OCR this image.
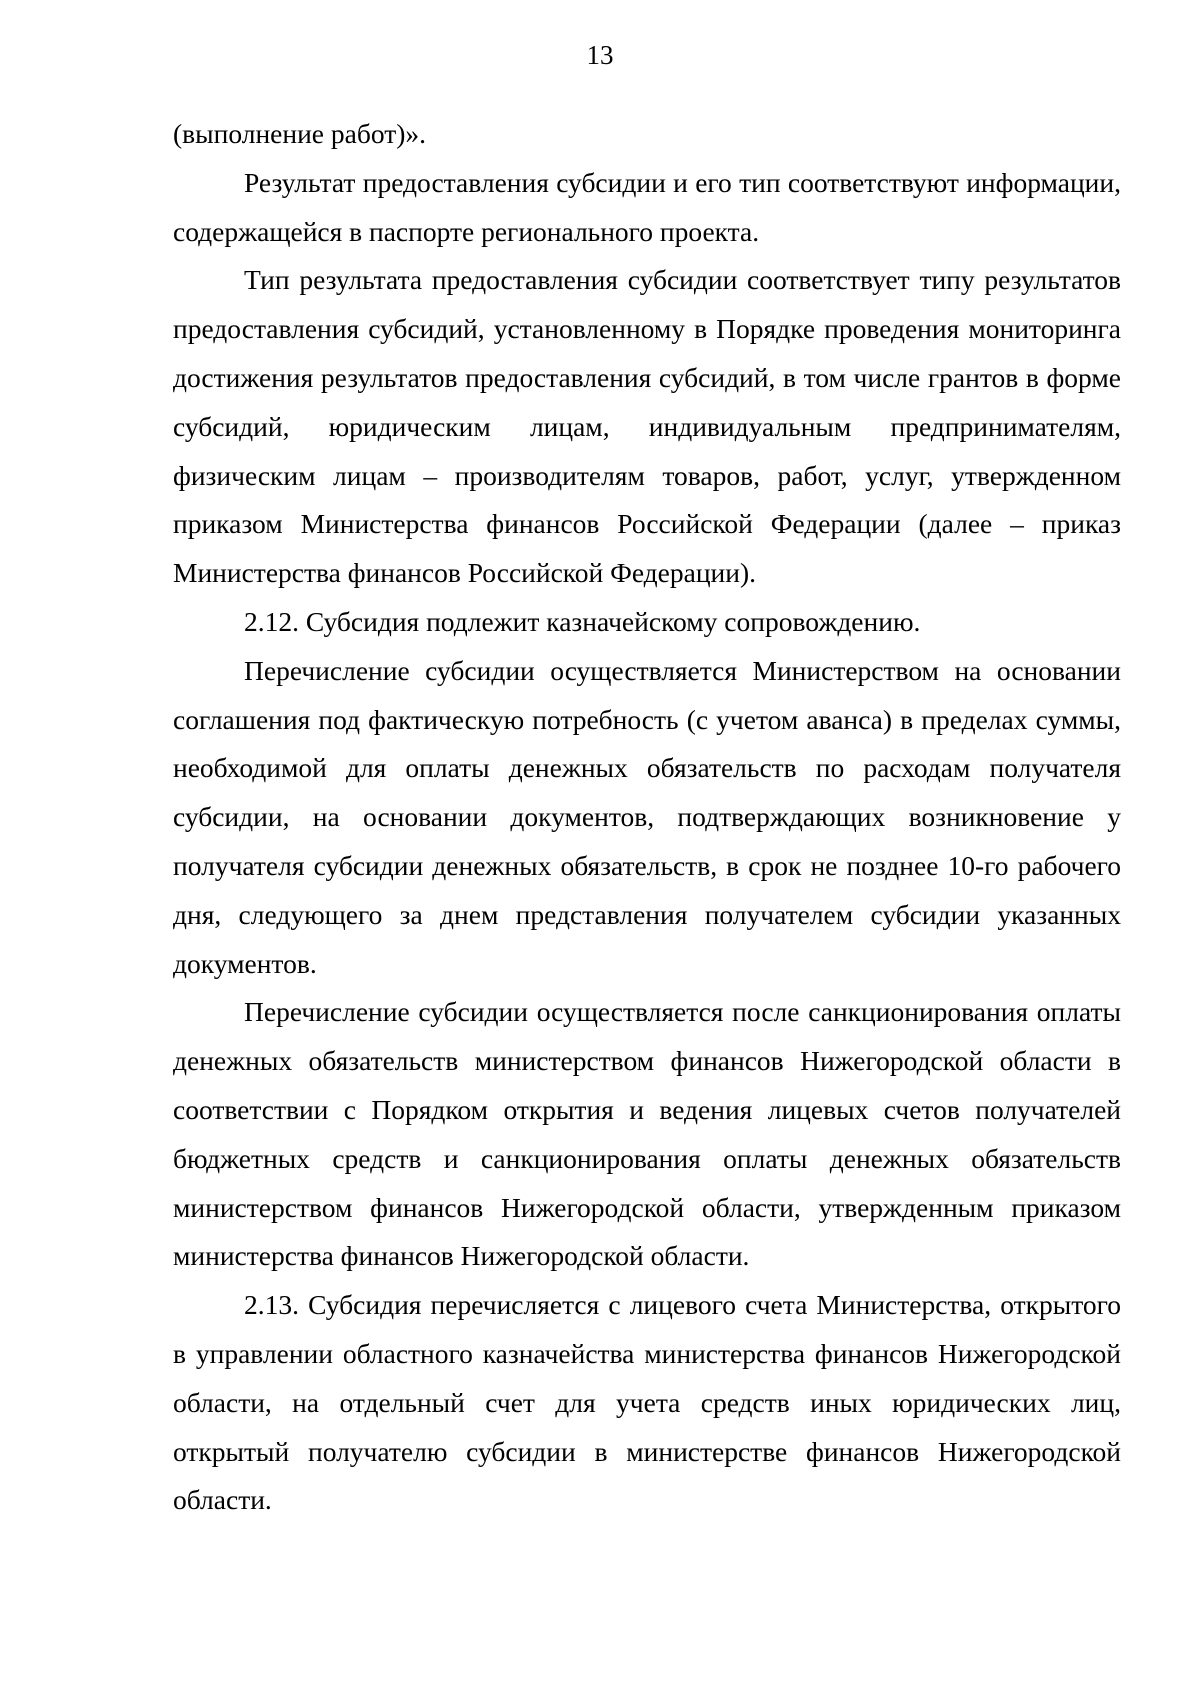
13

(выполнение работ)».

Результат предоставления субсидии и его тип соответствуют информации, содержащейся в паспорте регионального проекта.

Тип результата предоставления субсидии соответствует типу результатов предоставления субсидий, установленному в Порядке проведения мониторинга достижения результатов предоставления субсидий, в том числе грантов в форме субсидий, юридическим лицам, индивидуальным предпринимателям, физическим лицам – производителям товаров, работ, услуг, утвержденном приказом Министерства финансов Российской Федерации (далее – приказ Министерства финансов Российской Федерации).

2.12. Субсидия подлежит казначейскому сопровождению.

Перечисление субсидии осуществляется Министерством на основании соглашения под фактическую потребность (с учетом аванса) в пределах суммы, необходимой для оплаты денежных обязательств по расходам получателя субсидии, на основании документов, подтверждающих возникновение у получателя субсидии денежных обязательств, в срок не позднее 10-го рабочего дня, следующего за днем представления получателем субсидии указанных документов.

Перечисление субсидии осуществляется после санкционирования оплаты денежных обязательств министерством финансов Нижегородской области в соответствии с Порядком открытия и ведения лицевых счетов получателей бюджетных средств и санкционирования оплаты денежных обязательств министерством финансов Нижегородской области, утвержденным приказом министерства финансов Нижегородской области.

2.13. Субсидия перечисляется с лицевого счета Министерства, открытого в управлении областного казначейства министерства финансов Нижегородской области, на отдельный счет для учета средств иных юридических лиц, открытый получателю субсидии в министерстве финансов Нижегородской области.
